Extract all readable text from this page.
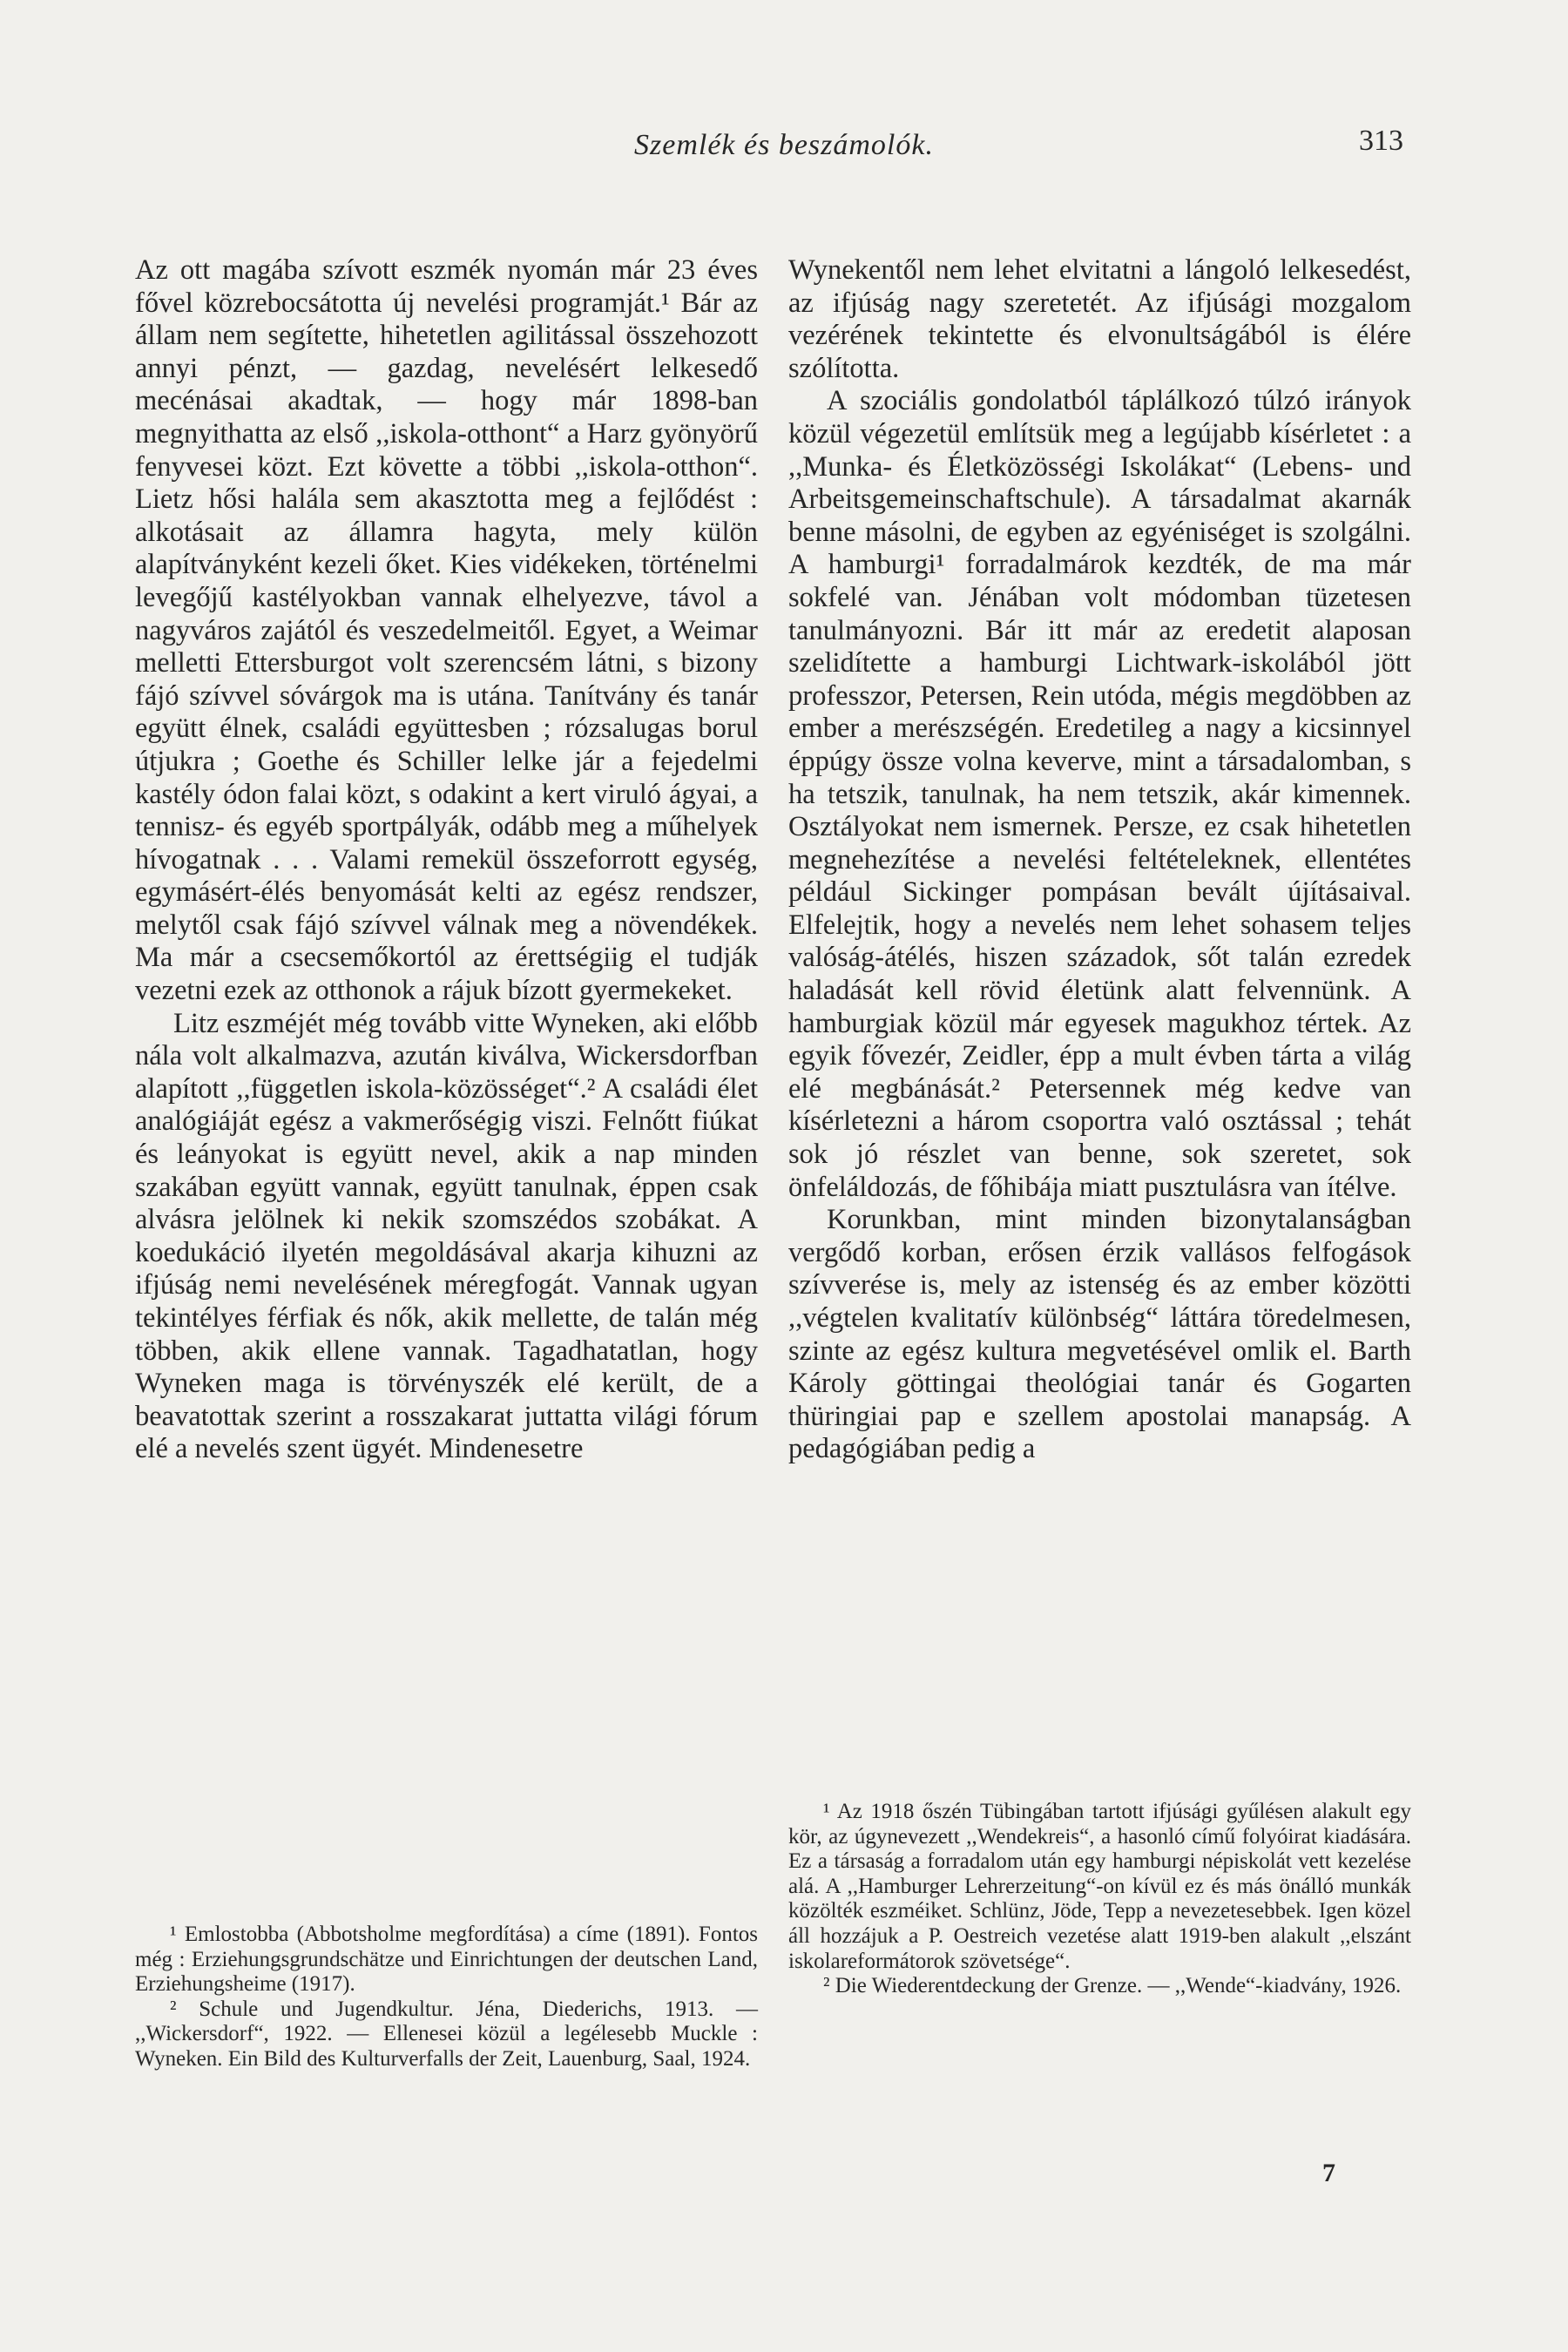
Szemlék és beszámolók.	313

Az ott magába szívott eszmék nyomán már 23 éves fővel közrebocsátotta új nevelési programját.¹ Bár az állam nem segítette, hihetetlen agilitással összehozott annyi pénzt, — gazdag, nevelésért lelkesedő mecénásai akadtak, — hogy már 1898-ban megnyithatta az első ,,iskola-otthont“ a Harz gyönyörű fenyvesei közt. Ezt követte a többi ,,iskola-otthon“. Lietz hősi halála sem akasztotta meg a fejlődést : alkotásait az államra hagyta, mely külön alapítványként kezeli őket. Kies vidékeken, történelmi levegőjű kastélyokban vannak elhelyezve, távol a nagyváros zajától és veszedelmeitől. Egyet, a Weimar melletti Ettersburgot volt szerencsém látni, s bizony fájó szívvel sóvárgok ma is utána. Tanítvány és tanár együtt élnek, családi együttesben ; rózsalugas borul útjukra ; Goethe és Schiller lelke jár a fejedelmi kastély ódon falai közt, s odakint a kert viruló ágyai, a tennisz- és egyéb sportpályák, odább meg a műhelyek hívogatnak . . . Valami remekül összeforrott egység, egymásért-élés benyomását kelti az egész rendszer, melytől csak fájó szívvel válnak meg a növendékek. Ma már a csecsemőkortól az érettségiig el tudják vezetni ezek az otthonok a rájuk bízott gyermekeket.

Litz eszméjét még tovább vitte Wyneken, aki előbb nála volt alkalmazva, azután kiválva, Wickersdorfban alapított ,,független iskola-közösséget“.² A családi élet analógiáját egész a vakmerőségig viszi. Felnőtt fiúkat és leányokat is együtt nevel, akik a nap minden szakában együtt vannak, együtt tanulnak, éppen csak alvásra jelölnek ki nekik szomszédos szobákat. A koedukáció ilyetén megoldásával akarja kihuzni az ifjúság nemi nevelésének méregfogát. Vannak ugyan tekintélyes férfiak és nők, akik mellette, de talán még többen, akik ellene vannak. Tagadhatatlan, hogy Wyneken maga is törvényszék elé került, de a beavatottak szerint a rosszakarat juttatta világi fórum elé a nevelés szent ügyét. Mindenesetre

Wynekentől nem lehet elvitatni a lángoló lelkesedést, az ifjúság nagy szeretetét. Az ifjúsági mozgalom vezérének tekintette és elvonultságából is élére szólította.

A szociális gondolatból táplálkozó túlzó irányok közül végezetül említsük meg a legújabb kísérletet : a ,,Munka- és Életközösségi Iskolákat“ (Lebens- und Arbeitsgemeinschaftschule). A társadalmat akarnák benne másolni, de egyben az egyéniséget is szolgálni. A hamburgi¹ forradalmárok kezdték, de ma már sokfelé van. Jénában volt módomban tüzetesen tanulmányozni. Bár itt már az eredetit alaposan szelidítette a hamburgi Lichtwark-iskolából jött professzor, Petersen, Rein utóda, mégis megdöbben az ember a merészségén. Eredetileg a nagy a kicsinnyel éppúgy össze volna keverve, mint a társadalomban, s ha tetszik, tanulnak, ha nem tetszik, akár kimennek. Osztályokat nem ismernek. Persze, ez csak hihetetlen megnehezítése a nevelési feltételeknek, ellentétes például Sickinger pompásan bevált újításaival. Elfelejtik, hogy a nevelés nem lehet sohasem teljes valóság-átélés, hiszen századok, sőt talán ezredek haladását kell rövid életünk alatt felvennünk. A hamburgiak közül már egyesek magukhoz tértek. Az egyik fővezér, Zeidler, épp a mult évben tárta a világ elé megbánását.² Petersennek még kedve van kísérletezni a három csoportra való osztással ; tehát sok jó részlet van benne, sok szeretet, sok önfeláldozás, de főhibája miatt pusztulásra van ítélve.

Korunkban, mint minden bizonytalanságban vergődő korban, erősen érzik vallásos felfogások szívverése is, mely az istenség és az ember közötti ,,végtelen kvalitatív különbség“ láttára töredelmesen, szinte az egész kultura megvetésével omlik el. Barth Károly göttingai theológiai tanár és Gogarten thüringiai pap e szellem apostolai manapság. A pedagógiában pedig a

¹ Emlostobba (Abbotsholme megfordítása) a címe (1891). Fontos még : Erziehungsgrundschätze und Einrichtungen der deutschen Land, Erziehungsheime (1917).

² Schule und Jugendkultur. Jéna, Diederichs, 1913. — ,,Wickersdorf“, 1922. — Ellenesei közül a legélesebb Muckle : Wyneken. Ein Bild des Kulturverfalls der Zeit, Lauenburg, Saal, 1924.

¹ Az 1918 őszén Tübingában tartott ifjúsági gyűlésen alakult egy kör, az úgynevezett ,,Wendekreis“, a hasonló című folyóirat kiadására. Ez a társaság a forradalom után egy hamburgi népiskolát vett kezelése alá. A ,,Hamburger Lehrerzeitung“-on kívül ez és más önálló munkák közölték eszméiket. Schlünz, Jöde, Tepp a nevezetesebbek. Igen közel áll hozzájuk a P. Oestreich vezetése alatt 1919-ben alakult ,,elszánt iskolareformátorok szövetsége“.

² Die Wiederentdeckung der Grenze. — ,,Wende“-kiadvány, 1926.

7
